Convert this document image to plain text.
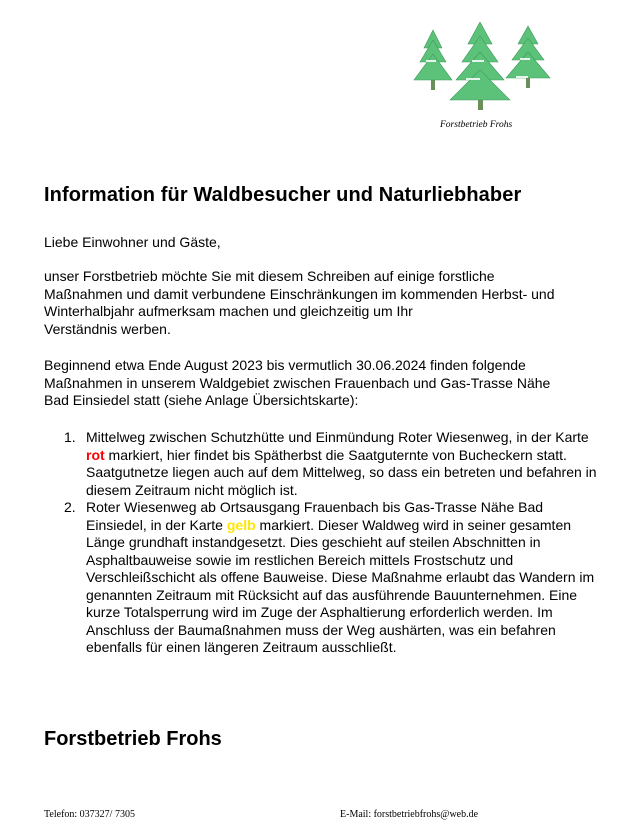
Forstbetrieb Frohs
Information für Waldbesucher und Naturliebhaber

Liebe Einwohner und Gäste,

unser Forstbetrieb möchte Sie mit diesem Schreiben auf einige forstliche
Maßnahmen und damit verbundene Einschränkungen im kommenden Herbst- und
Winterhalbjahr aufmerksam machen und gleichzeitig um Ihr
Verständnis werben.

Beginnend etwa Ende August 2023 bis vermutlich 30.06.2024 finden folgende
Maßnahmen in unserem Waldgebiet zwischen Frauenbach und Gas-Trasse Nähe
Bad Einsiedel statt (siehe Anlage Übersichtskarte):

1. Mittelweg zwischen Schutzhütte und Einmündung Roter Wiesenweg, in der Karte rot markiert, hier findet bis Spätherbst die Saatguternte von Bucheckern statt. Saatgutnetze liegen auch auf dem Mittelweg, so dass ein betreten und befahren in diesem Zeitraum nicht möglich ist.
2. Roter Wiesenweg ab Ortsausgang Frauenbach bis Gas-Trasse Nähe Bad Einsiedel, in der Karte gelb markiert. Dieser Waldweg wird in seiner gesamten Länge grundhaft instandgesetzt. Dies geschieht auf steilen Abschnitten in Asphaltbauweise sowie im restlichen Bereich mittels Frostschutz und Verschleißschicht als offene Bauweise. Diese Maßnahme erlaubt das Wandern im genannten Zeitraum mit Rücksicht auf das ausführende Bauunternehmen. Eine kurze Totalsperrung wird im Zuge der Asphaltierung erforderlich werden. Im Anschluss der Baumaßnahmen muss der Weg aushärten, was ein befahren ebenfalls für einen längeren Zeitraum ausschließt.
Forstbetrieb Frohs
Telefon: 037327/ 7305	E-Mail: forstbetriebfrohs@web.de
